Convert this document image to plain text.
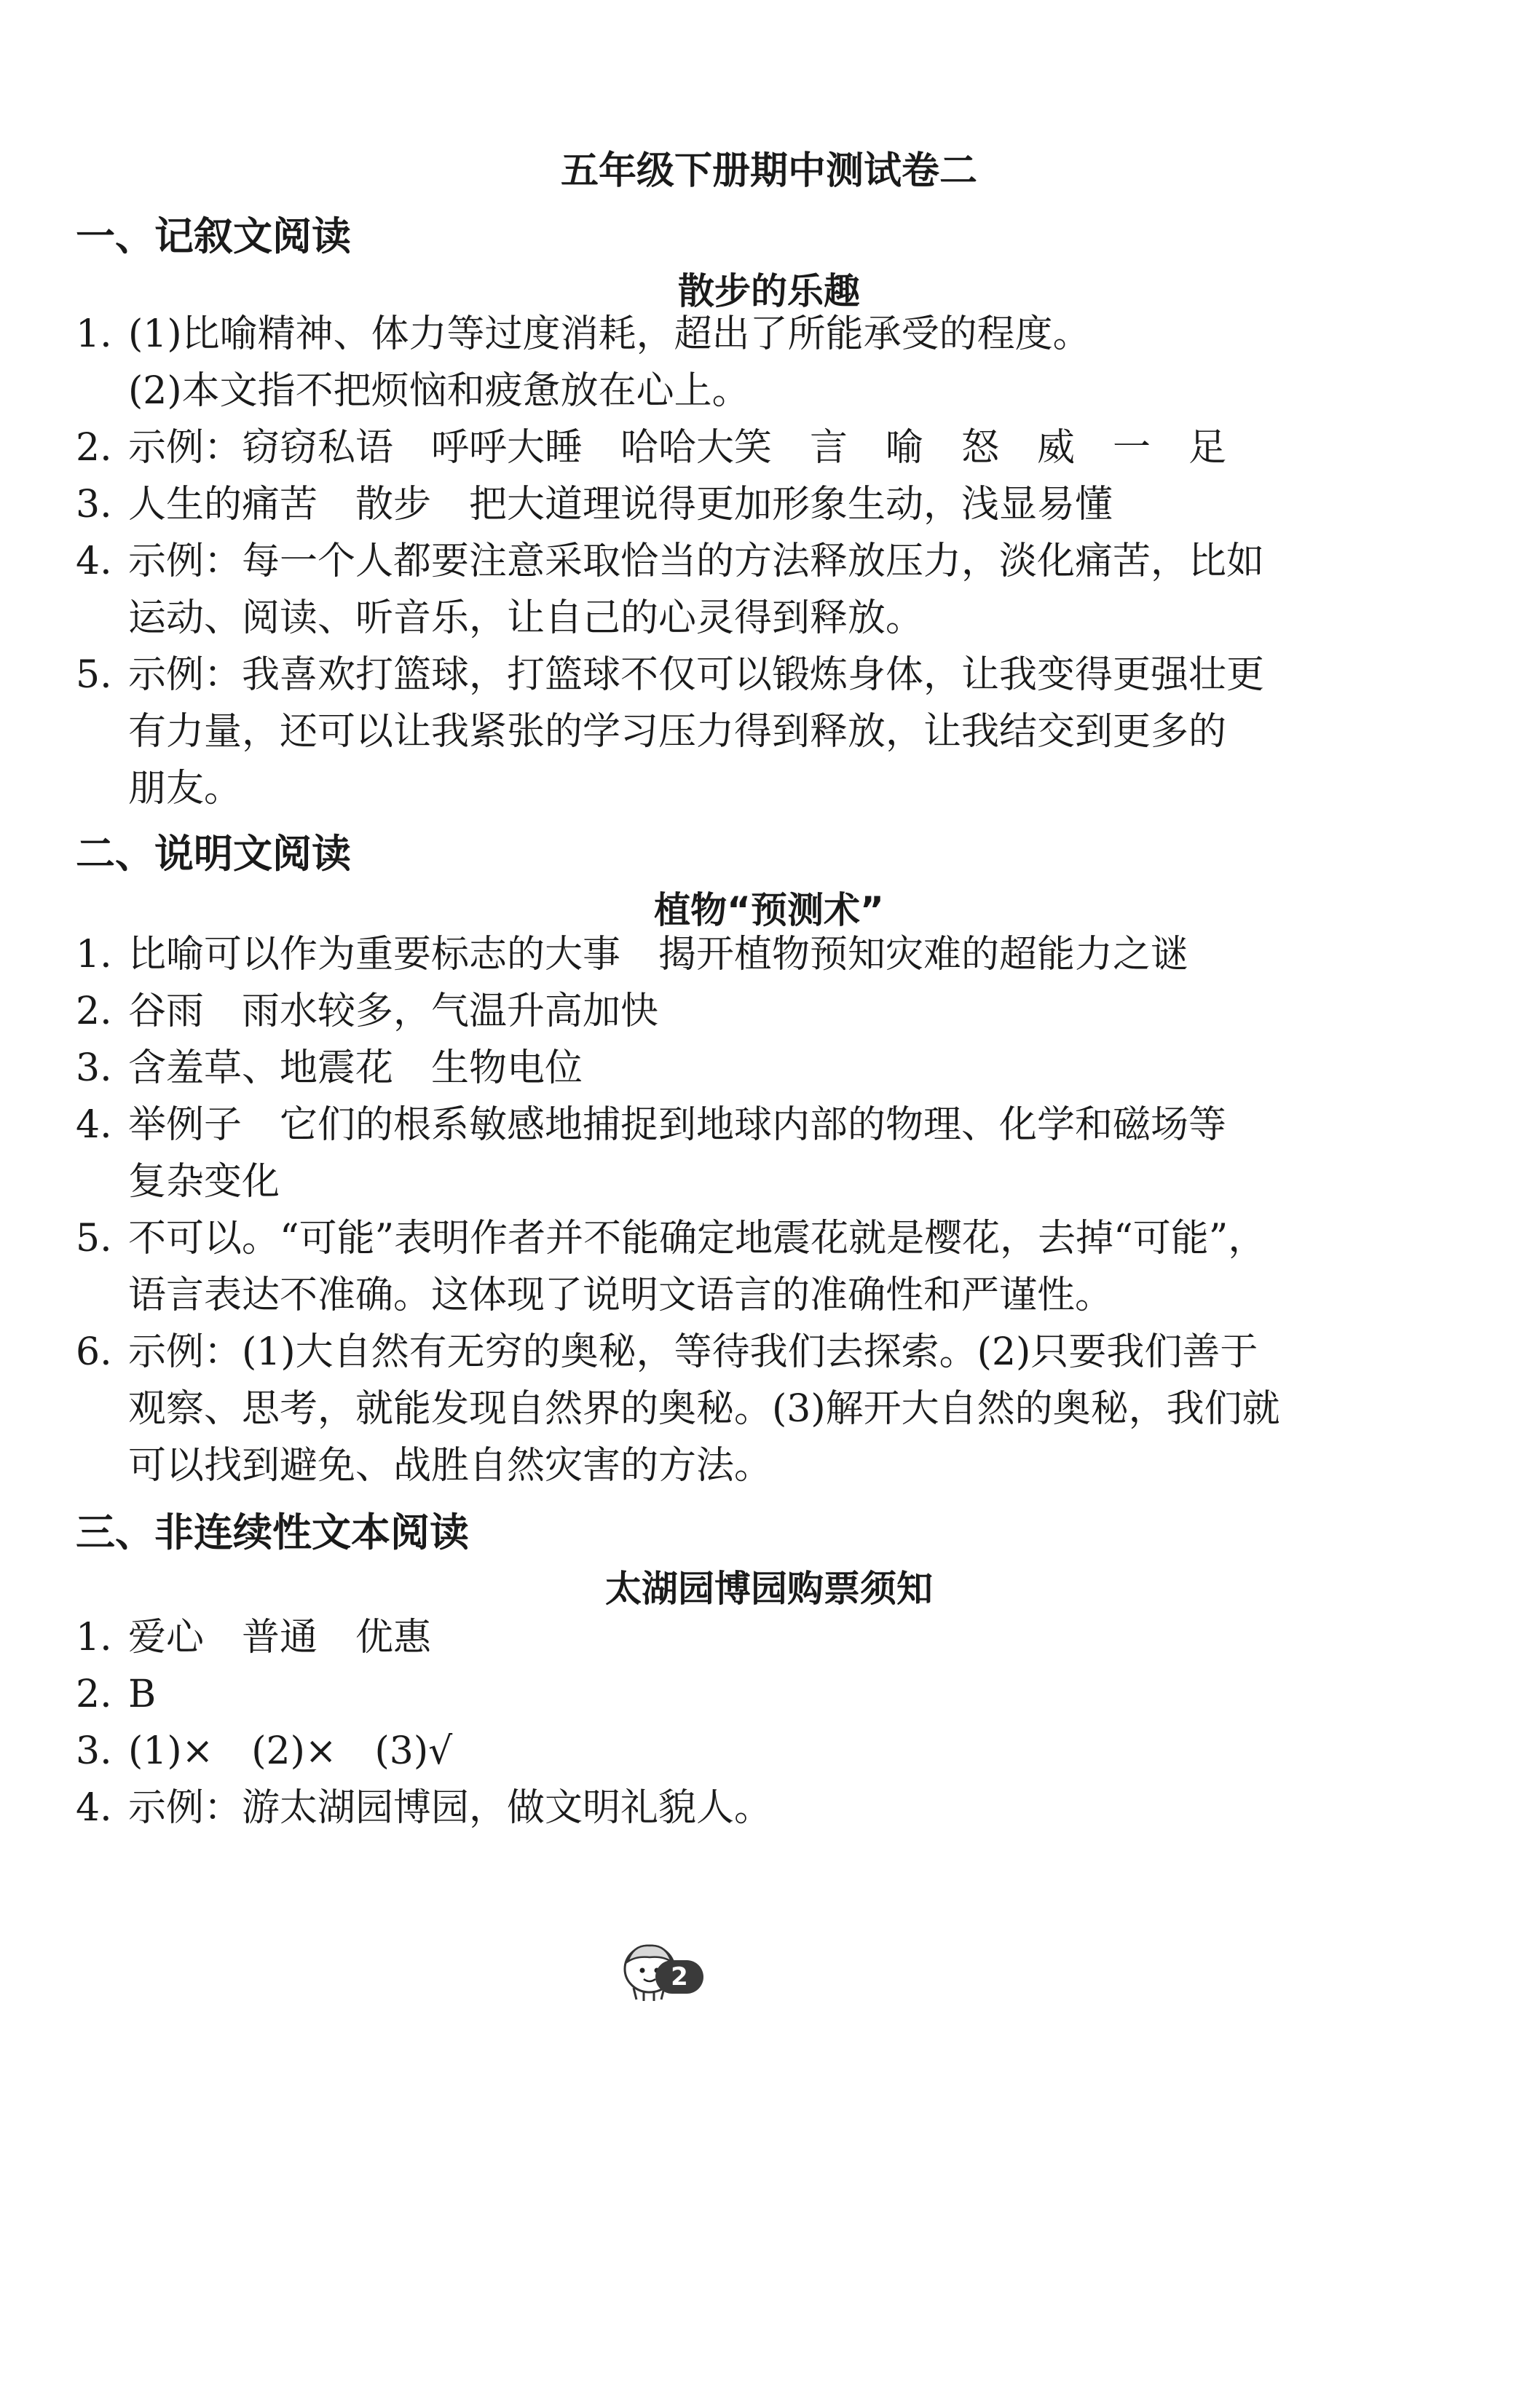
五年级下册期中测试卷二
一、记叙文阅读
散步的乐趣
1. (1)比喻精神、体力等过度消耗，超出了所能承受的程度。
(2)本文指不把烦恼和疲惫放在心上。
2. 示例：窃窃私语　呼呼大睡　哈哈大笑　言　喻　怒　威　一　足
3. 人生的痛苦　散步　把大道理说得更加形象生动，浅显易懂
4. 示例：每一个人都要注意采取恰当的方法释放压力，淡化痛苦，比如
运动、阅读、听音乐，让自己的心灵得到释放。
5. 示例：我喜欢打篮球，打篮球不仅可以锻炼身体，让我变得更强壮更
有力量，还可以让我紧张的学习压力得到释放，让我结交到更多的
朋友。
二、说明文阅读
植物“预测术”
1. 比喻可以作为重要标志的大事　揭开植物预知灾难的超能力之谜
2. 谷雨　雨水较多，气温升高加快
3. 含羞草、地震花　生物电位
4. 举例子　它们的根系敏感地捕捉到地球内部的物理、化学和磁场等
复杂变化
5. 不可以。“可能”表明作者并不能确定地震花就是樱花，去掉“可能”，
语言表达不准确。这体现了说明文语言的准确性和严谨性。
6. 示例：(1)大自然有无穷的奥秘，等待我们去探索。(2)只要我们善于
观察、思考，就能发现自然界的奥秘。(3)解开大自然的奥秘，我们就
可以找到避免、战胜自然灾害的方法。
三、非连续性文本阅读
太湖园博园购票须知
1. 爱心　普通　优惠
2. B
3. (1)×　(2)×　(3)√
4. 示例：游太湖园博园，做文明礼貌人。
2
